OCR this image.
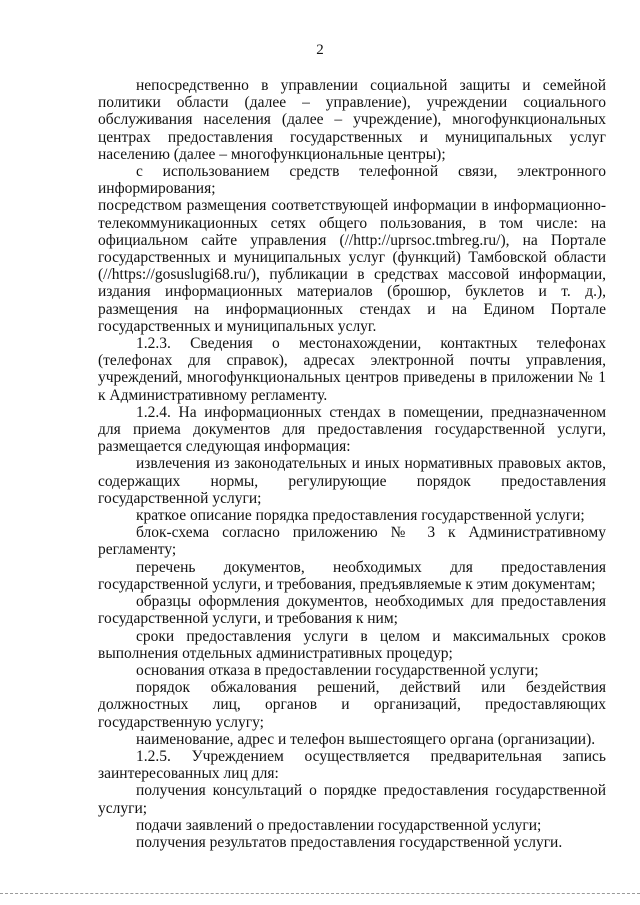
2

непосредственно в управлении социальной защиты и семейной политики области (далее – управление), учреждении социального обслуживания населения (далее – учреждение), многофункциональных центрах предоставления государственных и муниципальных услуг населению (далее – многофункциональные центры);

с использованием средств телефонной связи, электронного информирования;

посредством размещения соответствующей информации в информационно-телекоммуникационных сетях общего пользования, в том числе: на официальном сайте управления (//http://uprsoc.tmbreg.ru/), на Портале государственных и муниципальных услуг (функций) Тамбовской области (//https://gosuslugi68.ru/), публикации в средствах массовой информации, издания информационных материалов (брошюр, буклетов и т. д.), размещения на информационных стендах и на Едином Портале государственных и муниципальных услуг.

1.2.3. Сведения о местонахождении, контактных телефонах (телефонах для справок), адресах электронной почты управления, учреждений, многофункциональных центров приведены в приложении № 1 к Административному регламенту.

1.2.4. На информационных стендах в помещении, предназначенном для приема документов для предоставления государственной услуги, размещается следующая информация:

извлечения из законодательных и иных нормативных правовых актов, содержащих нормы, регулирующие порядок предоставления государственной услуги;

краткое описание порядка предоставления государственной услуги;

блок-схема согласно приложению № 3 к Административному регламенту;

перечень документов, необходимых для предоставления государственной услуги, и требования, предъявляемые к этим документам;

образцы оформления документов, необходимых для предоставления государственной услуги, и требования к ним;

сроки предоставления услуги в целом и максимальных сроков выполнения отдельных административных процедур;

основания отказа в предоставлении государственной услуги;

порядок обжалования решений, действий или бездействия должностных лиц, органов и организаций, предоставляющих государственную услугу;

наименование, адрес и телефон вышестоящего органа (организации).

1.2.5. Учреждением осуществляется предварительная запись заинтересованных лиц для:

получения консультаций о порядке предоставления государственной услуги;

подачи заявлений о предоставлении государственной услуги;

получения результатов предоставления государственной услуги.
